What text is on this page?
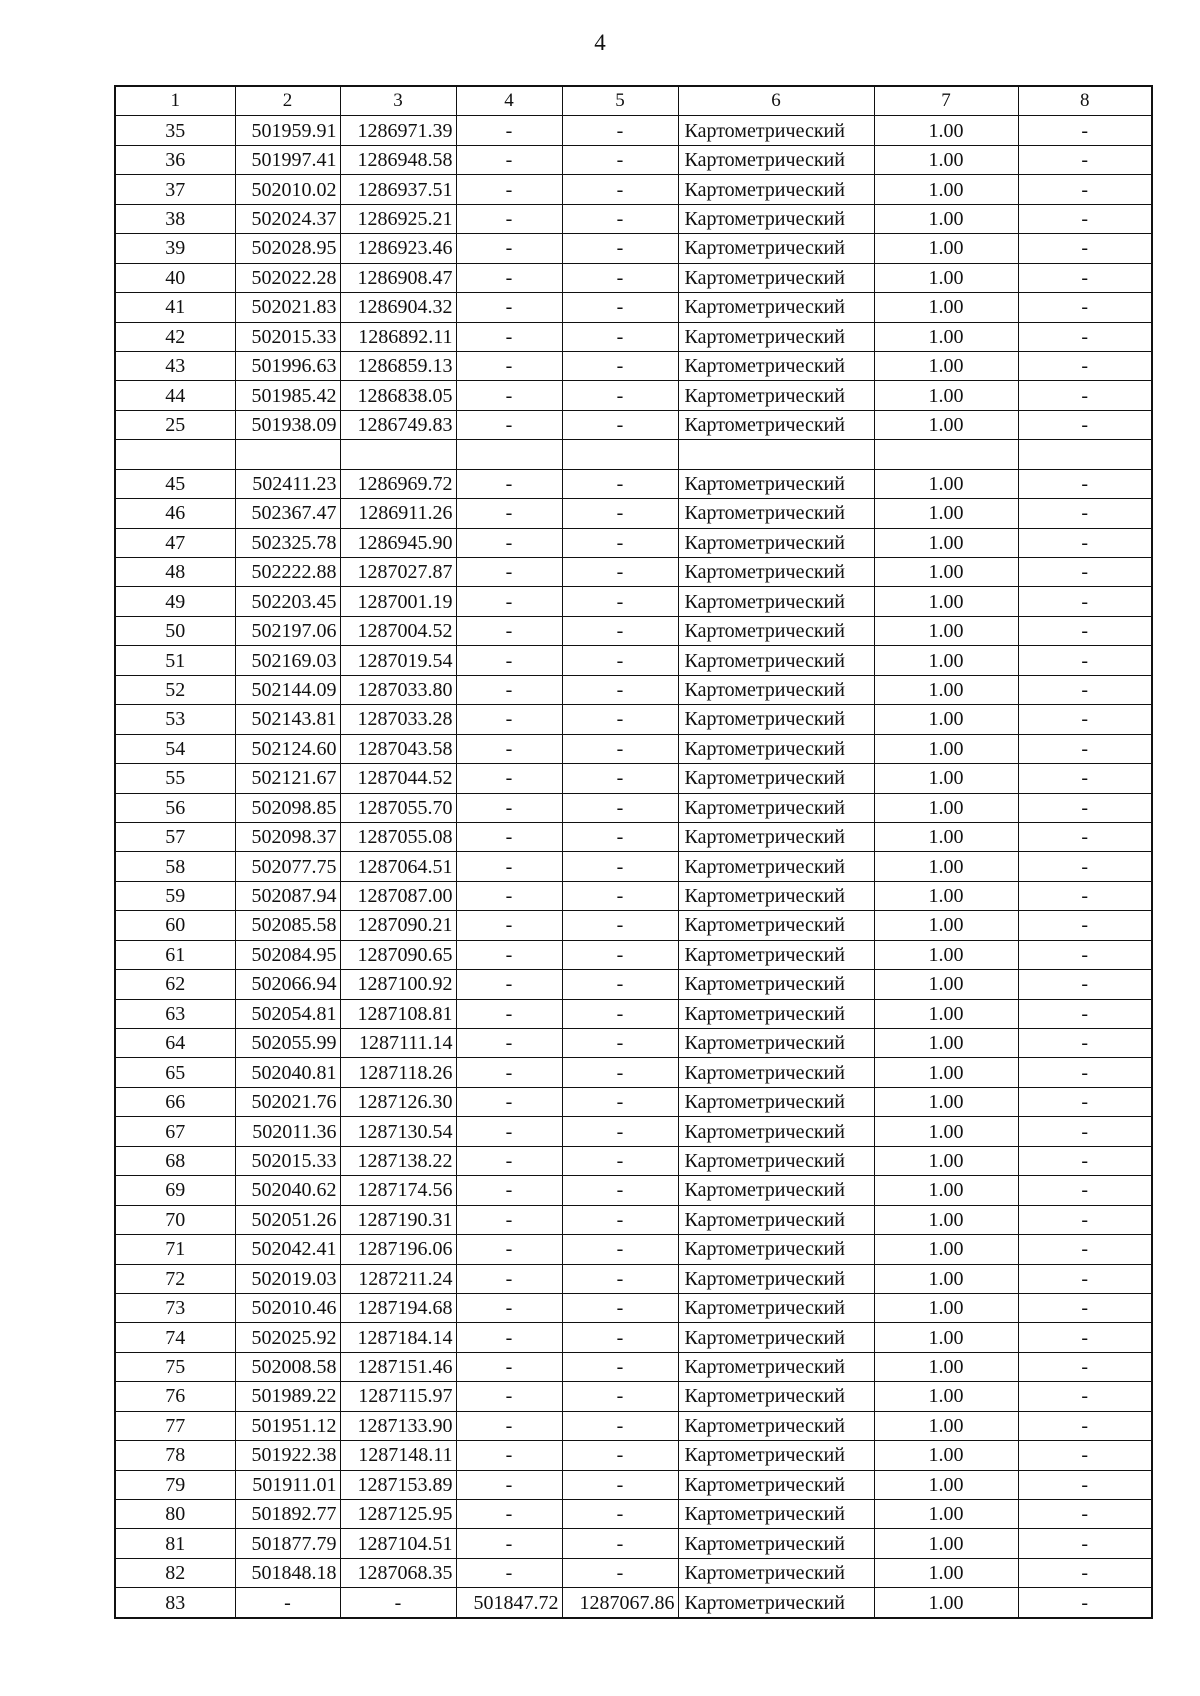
4
1	2	3	4	5	6	7	8
35	501959.91	1286971.39	-	-	Картометрический	1.00	-
36	501997.41	1286948.58	-	-	Картометрический	1.00	-
37	502010.02	1286937.51	-	-	Картометрический	1.00	-
38	502024.37	1286925.21	-	-	Картометрический	1.00	-
39	502028.95	1286923.46	-	-	Картометрический	1.00	-
40	502022.28	1286908.47	-	-	Картометрический	1.00	-
41	502021.83	1286904.32	-	-	Картометрический	1.00	-
42	502015.33	1286892.11	-	-	Картометрический	1.00	-
43	501996.63	1286859.13	-	-	Картометрический	1.00	-
44	501985.42	1286838.05	-	-	Картометрический	1.00	-
25	501938.09	1286749.83	-	-	Картометрический	1.00	-

45	502411.23	1286969.72	-	-	Картометрический	1.00	-
46	502367.47	1286911.26	-	-	Картометрический	1.00	-
47	502325.78	1286945.90	-	-	Картометрический	1.00	-
48	502222.88	1287027.87	-	-	Картометрический	1.00	-
49	502203.45	1287001.19	-	-	Картометрический	1.00	-
50	502197.06	1287004.52	-	-	Картометрический	1.00	-
51	502169.03	1287019.54	-	-	Картометрический	1.00	-
52	502144.09	1287033.80	-	-	Картометрический	1.00	-
53	502143.81	1287033.28	-	-	Картометрический	1.00	-
54	502124.60	1287043.58	-	-	Картометрический	1.00	-
55	502121.67	1287044.52	-	-	Картометрический	1.00	-
56	502098.85	1287055.70	-	-	Картометрический	1.00	-
57	502098.37	1287055.08	-	-	Картометрический	1.00	-
58	502077.75	1287064.51	-	-	Картометрический	1.00	-
59	502087.94	1287087.00	-	-	Картометрический	1.00	-
60	502085.58	1287090.21	-	-	Картометрический	1.00	-
61	502084.95	1287090.65	-	-	Картометрический	1.00	-
62	502066.94	1287100.92	-	-	Картометрический	1.00	-
63	502054.81	1287108.81	-	-	Картометрический	1.00	-
64	502055.99	1287111.14	-	-	Картометрический	1.00	-
65	502040.81	1287118.26	-	-	Картометрический	1.00	-
66	502021.76	1287126.30	-	-	Картометрический	1.00	-
67	502011.36	1287130.54	-	-	Картометрический	1.00	-
68	502015.33	1287138.22	-	-	Картометрический	1.00	-
69	502040.62	1287174.56	-	-	Картометрический	1.00	-
70	502051.26	1287190.31	-	-	Картометрический	1.00	-
71	502042.41	1287196.06	-	-	Картометрический	1.00	-
72	502019.03	1287211.24	-	-	Картометрический	1.00	-
73	502010.46	1287194.68	-	-	Картометрический	1.00	-
74	502025.92	1287184.14	-	-	Картометрический	1.00	-
75	502008.58	1287151.46	-	-	Картометрический	1.00	-
76	501989.22	1287115.97	-	-	Картометрический	1.00	-
77	501951.12	1287133.90	-	-	Картометрический	1.00	-
78	501922.38	1287148.11	-	-	Картометрический	1.00	-
79	501911.01	1287153.89	-	-	Картометрический	1.00	-
80	501892.77	1287125.95	-	-	Картометрический	1.00	-
81	501877.79	1287104.51	-	-	Картометрический	1.00	-
82	501848.18	1287068.35	-	-	Картометрический	1.00	-
83	-	-	501847.72	1287067.86	Картометрический	1.00	-
